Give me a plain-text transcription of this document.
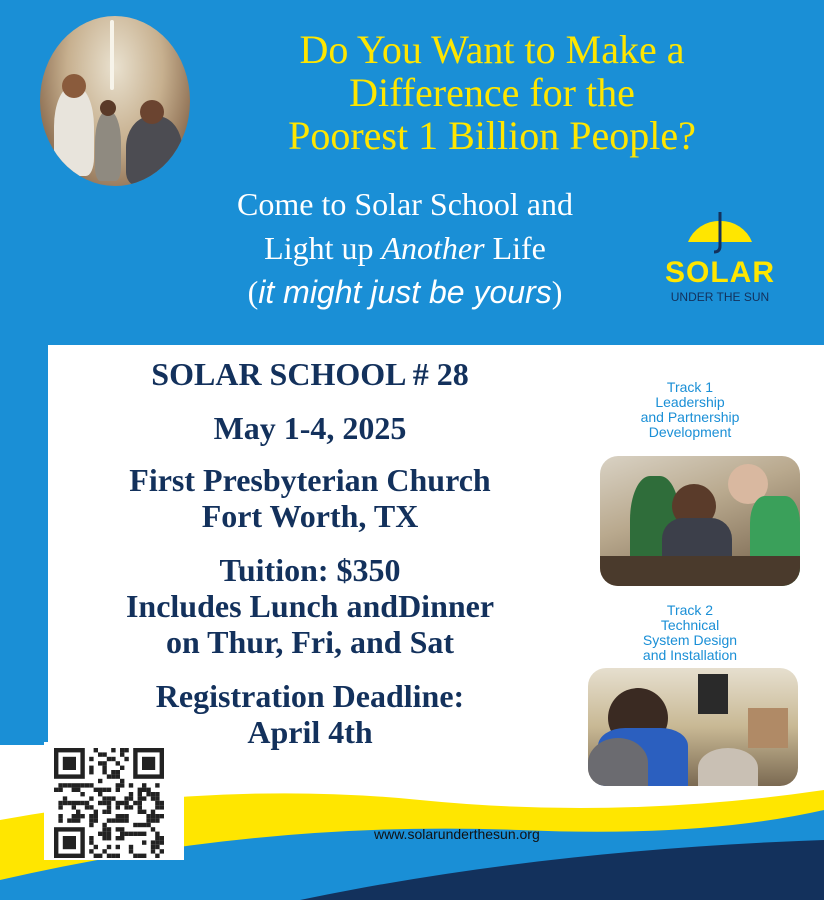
Do You Want to Make a
Difference for the
Poorest 1 Billion People?
Come to Solar School and
Light up Another Life
(it might just be yours)
SOLAR
UNDER THE SUN
SOLAR SCHOOL # 28
May 1-4, 2025
First Presbyterian Church
Fort Worth, TX
Tuition: $350
Includes Lunch andDinner
on Thur, Fri, and Sat
Registration Deadline:
April 4th
Track 1
Leadership
and Partnership
Development
Track 2
Technical
System Design
and Installation
www.solarunderthesun.org
